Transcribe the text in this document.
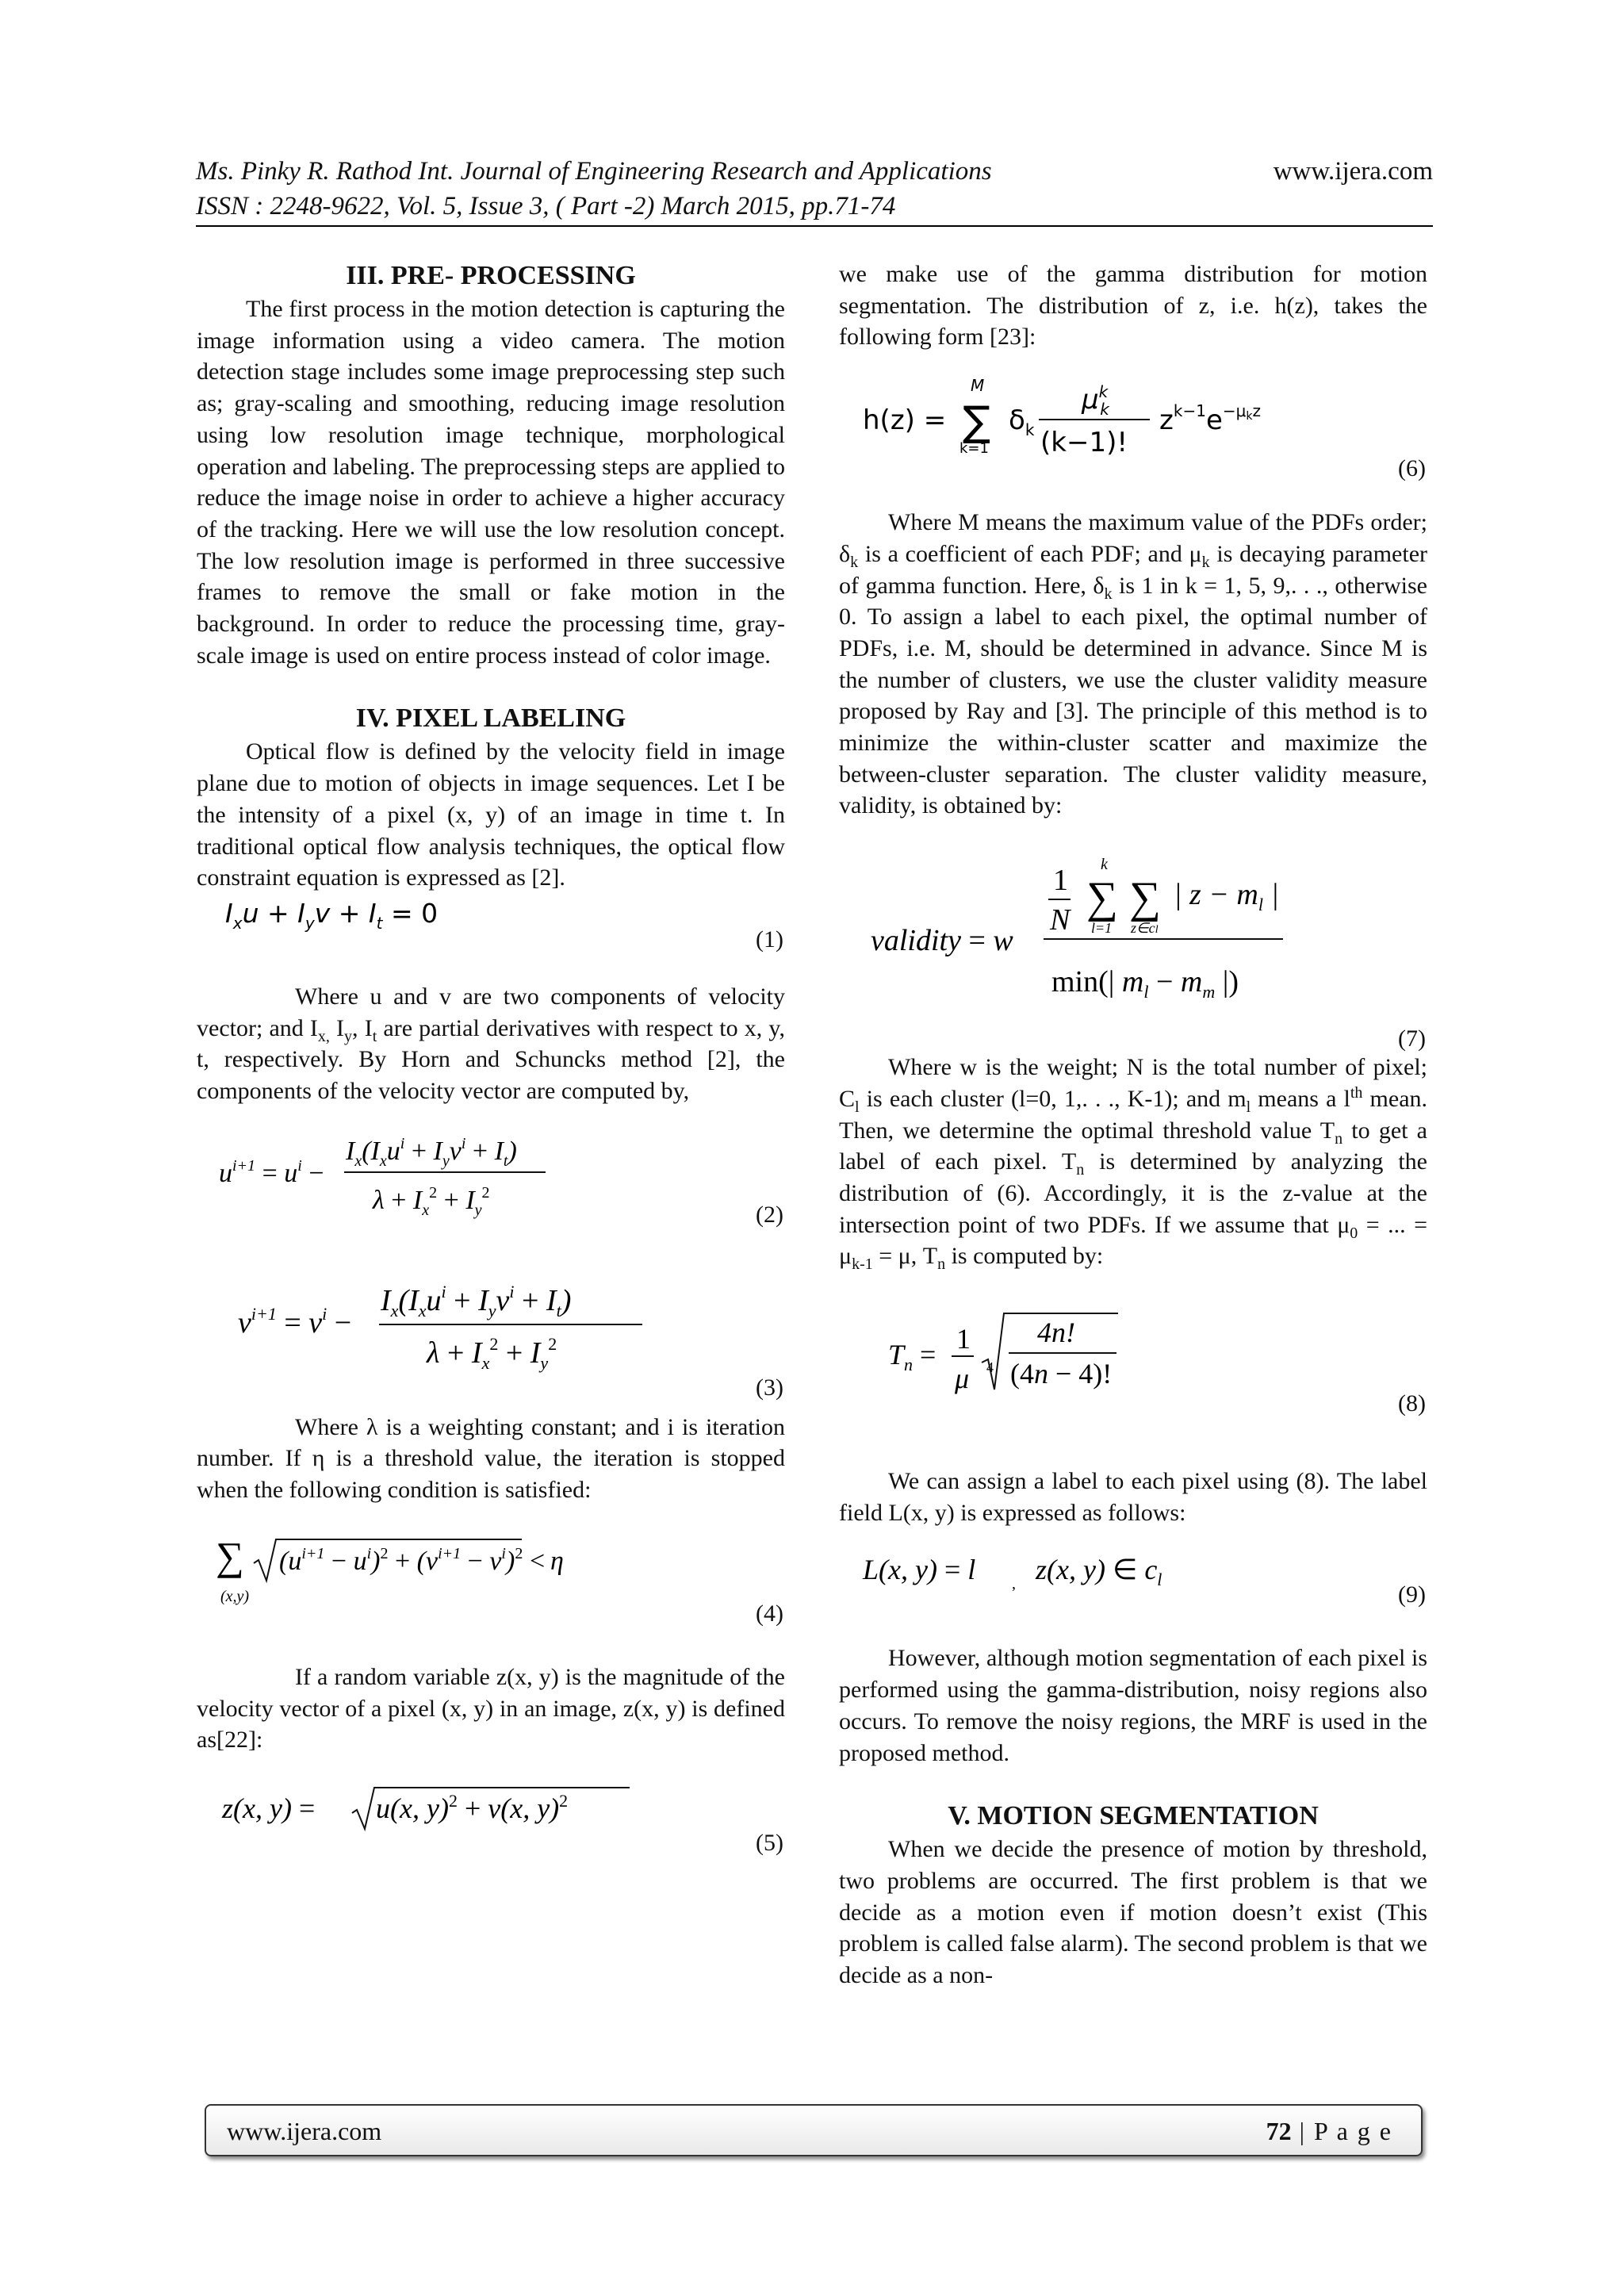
Ms. Pinky R. Rathod Int. Journal of Engineering Research and Applications	www.ijera.com
ISSN : 2248-9622, Vol. 5, Issue 3, ( Part -2) March 2015, pp.71-74
III. PRE- PROCESSING

The first process in the motion detection is capturing the image information using a video camera. The motion detection stage includes some image preprocessing step such as; gray-scaling and smoothing, reducing image resolution using low resolution image technique, morphological operation and labeling. The preprocessing steps are applied to reduce the image noise in order to achieve a higher accuracy of the tracking. Here we will use the low resolution concept. The low resolution image is performed in three successive frames to remove the small or fake motion in the background. In order to reduce the processing time, gray-scale image is used on entire process instead of color image.

IV. PIXEL LABELING

Optical flow is defined by the velocity field in image plane due to motion of objects in image sequences. Let I be the intensity of a pixel (x, y) of an image in time t. In traditional optical flow analysis techniques, the optical flow constraint equation is expressed as [2].

$I_xu + I_yv + I_t = 0$
(1)

Where u and v are two components of velocity vector; and $I_{x,}$ $I_y$, $I_t$ are partial derivatives with respect to x, y, t, respectively. By Horn and Schuncks method [2], the components of the velocity vector are computed by,

$u^{i+1} = u^i$ −
$I_x(I_xu^i + I_yv^i + I_t)$
$\lambda + I_x^2 + I_y^2$
(2)
$v^{i+1} = v^i$ −
$I_x(I_xu^i + I_yv^i + I_t)$
$\lambda + I_x^2 + I_y^2$
(3)

Where λ is a weighting constant; and i is iteration number. If η is a threshold value, the iteration is stopped when the following condition is satisfied:

∑
(x,y)
$(u^{i+1} - u^i)^2 + (v^{i+1} - v^i)^2 < \eta$
(4)

If a random variable z(x, y) is the magnitude of the velocity vector of a pixel (x, y) in an image, z(x, y) is defined as[22]:

z(x, y) = u(x, y)$^2$ + v(x, y)$^2$
(5)

we make use of the gamma distribution for motion segmentation. The distribution of z, i.e. h(z), takes the following form [23]:

h(z) = ∑
M
k=1
$\delta_k$
$\mu^k$ k
(k−1)!
$z^{k-1}e^{-\mu}kz$
(6)

Where M means the maximum value of the PDFs order; $\delta_k$ is a coefficient of each PDF; and $\mu_k$ is decaying parameter of gamma function. Here, $\delta_k$ is 1 in k = 1, 5, 9,. . ., otherwise 0. To assign a label to each pixel, the optimal number of PDFs, i.e. M, should be determined in advance. Since M is the number of clusters, we use the cluster validity measure proposed by Ray and [3]. The principle of this method is to minimize the within-cluster scatter and maximize the between-cluster separation. The cluster validity measure, validity, is obtained by:

validity = w
1
N ∑
k
l=1
∑
z∈cl
| $z - m_l$ |
min(| $m_l - m_m$ |)
(7)

Where w is the weight; N is the total number of pixel; $C_l$ is each cluster (l=0, 1,. . ., K-1); and $m_l$ means a $l^{th}$ mean. Then, we determine the optimal threshold value $T_n$ to get a label of each pixel. $T_n$ is determined by analyzing the distribution of (6). Accordingly, it is the z-value at the intersection point of two PDFs. If we assume that $\mu_0$ = ... = $\mu_{k-1} = \mu$, $T_n$ is computed by:

$T_n = 1$
μ 4
4n!
(4n − 4)!
(8)

We can assign a label to each pixel using (8). The label field L(x, y) is expressed as follows:

L(x, y) = l , z(x, y) ∈ $c_l$
(9)

However, although motion segmentation of each pixel is performed using the gamma-distribution, noisy regions also occurs. To remove the noisy regions, the MRF is used in the proposed method.

V. MOTION SEGMENTATION

When we decide the presence of motion by threshold, two problems are occurred. The first problem is that we decide as a motion even if motion doesn’t exist (This problem is called false alarm). The second problem is that we decide as a non-

www.ijera.com	72 | P a g e
